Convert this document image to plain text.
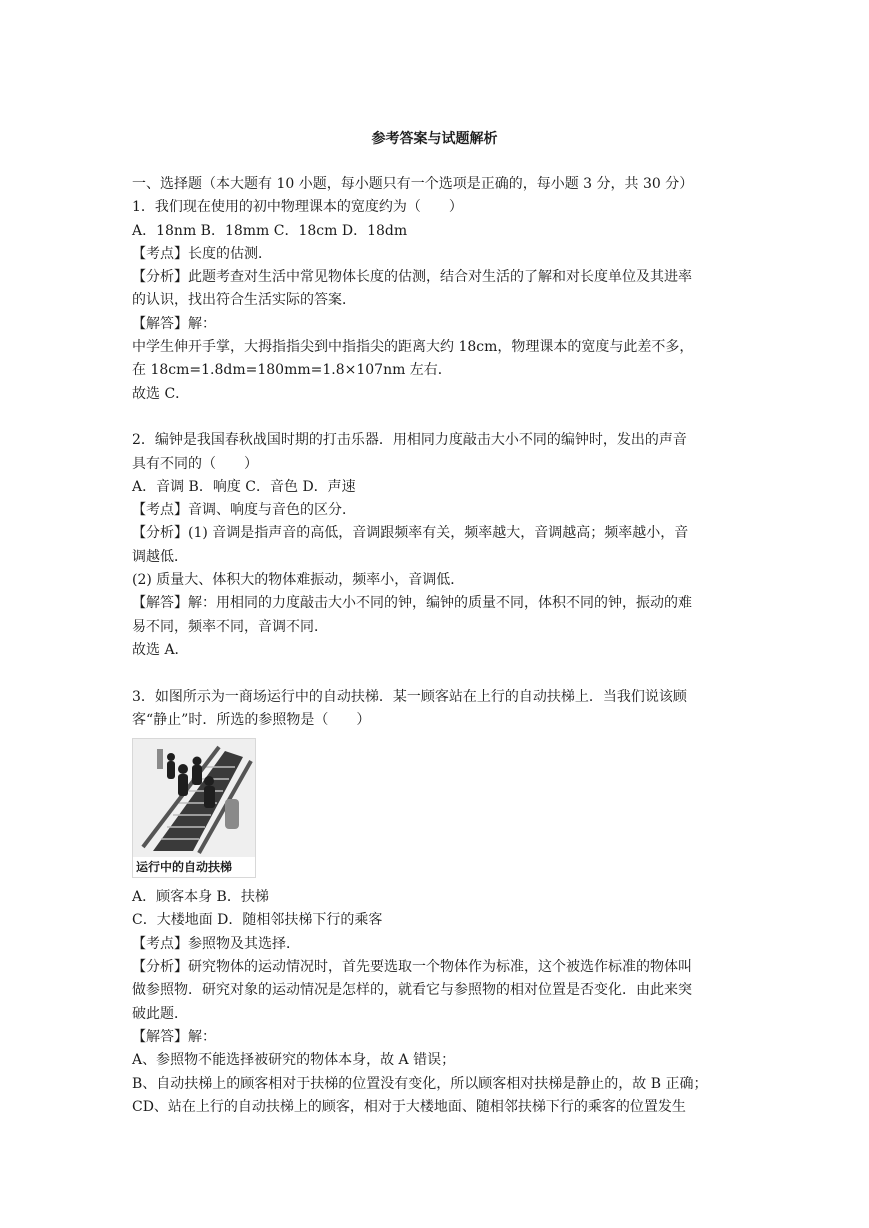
参考答案与试题解析
一、选择题（本大题有 10 小题，每小题只有一个选项是正确的，每小题 3 分，共 30 分）
1．我们现在使用的初中物理课本的宽度约为（　　）
A．18nm B．18mm C．18cm D．18dm
【考点】长度的估测．
【分析】此题考查对生活中常见物体长度的估测，结合对生活的了解和对长度单位及其进率
的认识，找出符合生活实际的答案．
【解答】解：
中学生伸开手掌，大拇指指尖到中指指尖的距离大约 18cm，物理课本的宽度与此差不多，
在 18cm=1.8dm=180mm=1.8×107nm 左右．
故选 C．
2．编钟是我国春秋战国时期的打击乐器．用相同力度敲击大小不同的编钟时，发出的声音
具有不同的（　　）
A．音调 B．响度 C．音色 D．声速
【考点】音调、响度与音色的区分．
【分析】(1) 音调是指声音的高低，音调跟频率有关，频率越大，音调越高；频率越小，音
调越低．
(2) 质量大、体积大的物体难振动，频率小，音调低．
【解答】解：用相同的力度敲击大小不同的钟，编钟的质量不同，体积不同的钟，振动的难
易不同，频率不同，音调不同．
故选 A．
3．如图所示为一商场运行中的自动扶梯．某一顾客站在上行的自动扶梯上．当我们说该顾
客“静止”时．所选的参照物是（　　）
运行中的自动扶梯
A．顾客本身 B．扶梯
C．大楼地面 D．随相邻扶梯下行的乘客
【考点】参照物及其选择．
【分析】研究物体的运动情况时，首先要选取一个物体作为标准，这个被选作标准的物体叫
做参照物．研究对象的运动情况是怎样的，就看它与参照物的相对位置是否变化．由此来突
破此题．
【解答】解：
A、参照物不能选择被研究的物体本身，故 A 错误；
B、自动扶梯上的顾客相对于扶梯的位置没有变化，所以顾客相对扶梯是静止的，故 B 正确；
CD、站在上行的自动扶梯上的顾客，相对于大楼地面、随相邻扶梯下行的乘客的位置发生
